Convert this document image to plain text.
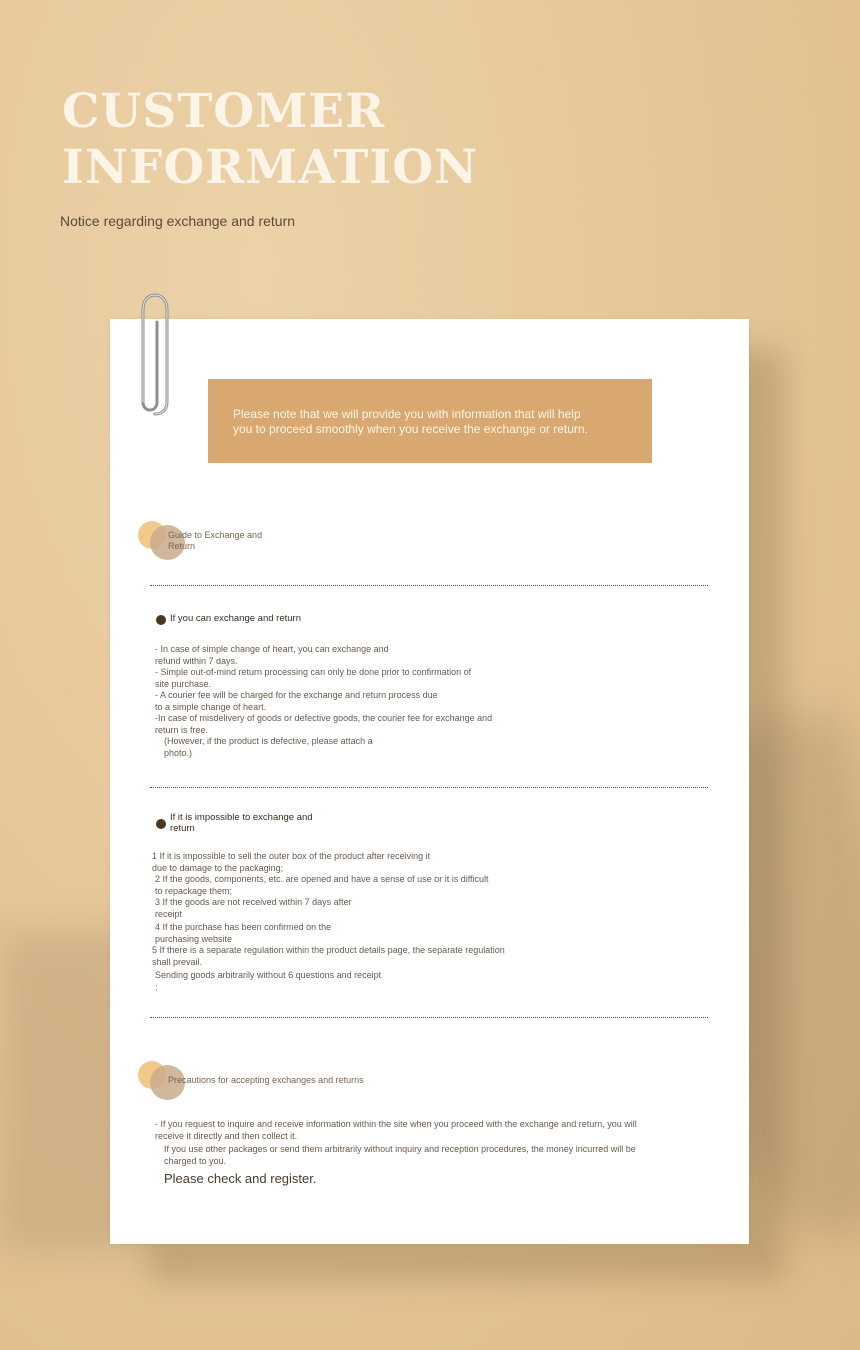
CUSTOMER
INFORMATION
Notice regarding exchange and return
Please note that we will provide you with information that will help
you to proceed smoothly when you receive the exchange or return.
Guide to Exchange and
Return
If you can exchange and return
- In case of simple change of heart, you can exchange and
refund within 7 days.
- Simple out-of-mind return processing can only be done prior to confirmation of
site purchase.
- A courier fee will be charged for the exchange and return process due
to a simple change of heart.
-In case of misdelivery of goods or defective goods, the courier fee for exchange and
return is free.
(However, if the product is defective, please attach a
photo.)
If it is impossible to exchange and
return
1 If it is impossible to sell the outer box of the product after receiving it
due to damage to the packaging;
2 If the goods, components, etc. are opened and have a sense of use or it is difficult
to repackage them;
3 If the goods are not received within 7 days after
receipt
4 If the purchase has been confirmed on the
purchasing website
5 If there is a separate regulation within the product details page, the separate regulation
shall prevail.
Sending goods arbitrarily without 6 questions and receipt
;
Precautions for accepting exchanges and returns
- If you request to inquire and receive information within the site when you proceed with the exchange and return, you will
receive it directly and then collect it.
If you use other packages or send them arbitrarily without inquiry and reception procedures, the money incurred will be
charged to you.
Please check and register.
